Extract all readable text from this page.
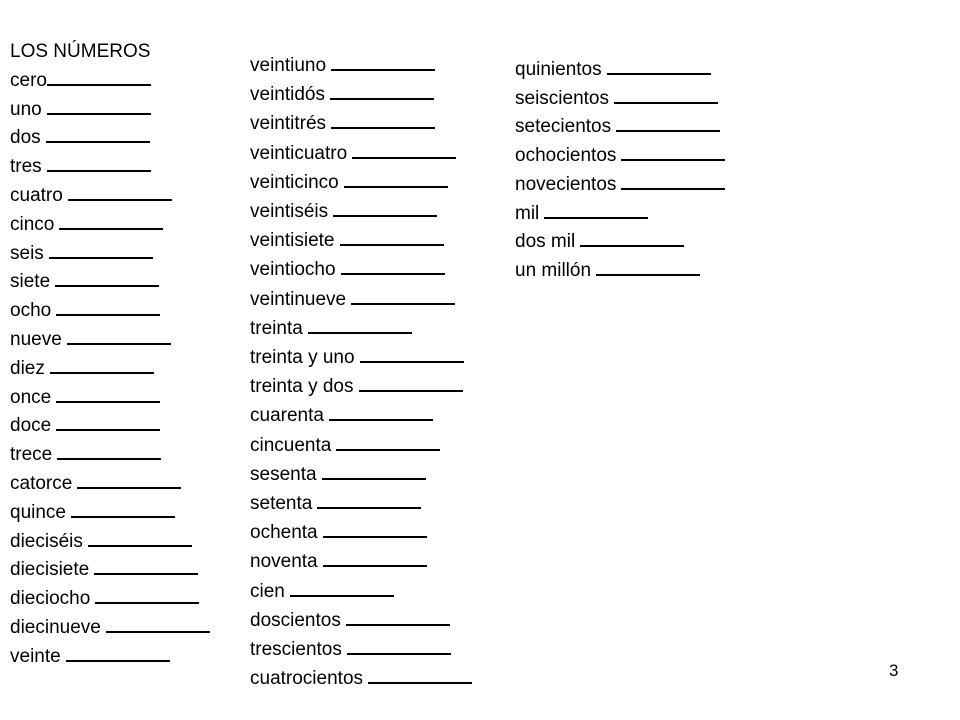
LOS NÚMEROS
cero
uno
dos
tres
cuatro
cinco
seis
siete
ocho
nueve
diez
once
doce
trece
catorce
quince
dieciséis
diecisiete
dieciocho
diecinueve
veinte
veintiuno
veintidós
veintitrés
veinticuatro
veinticinco
veintiséis
veintisiete
veintiocho
veintinueve
treinta
treinta y uno
treinta y dos
cuarenta
cincuenta
sesenta
setenta
ochenta
noventa
cien
doscientos
trescientos
cuatrocientos
quinientos
seiscientos
setecientos
ochocientos
novecientos
mil
dos mil
un millón
3
